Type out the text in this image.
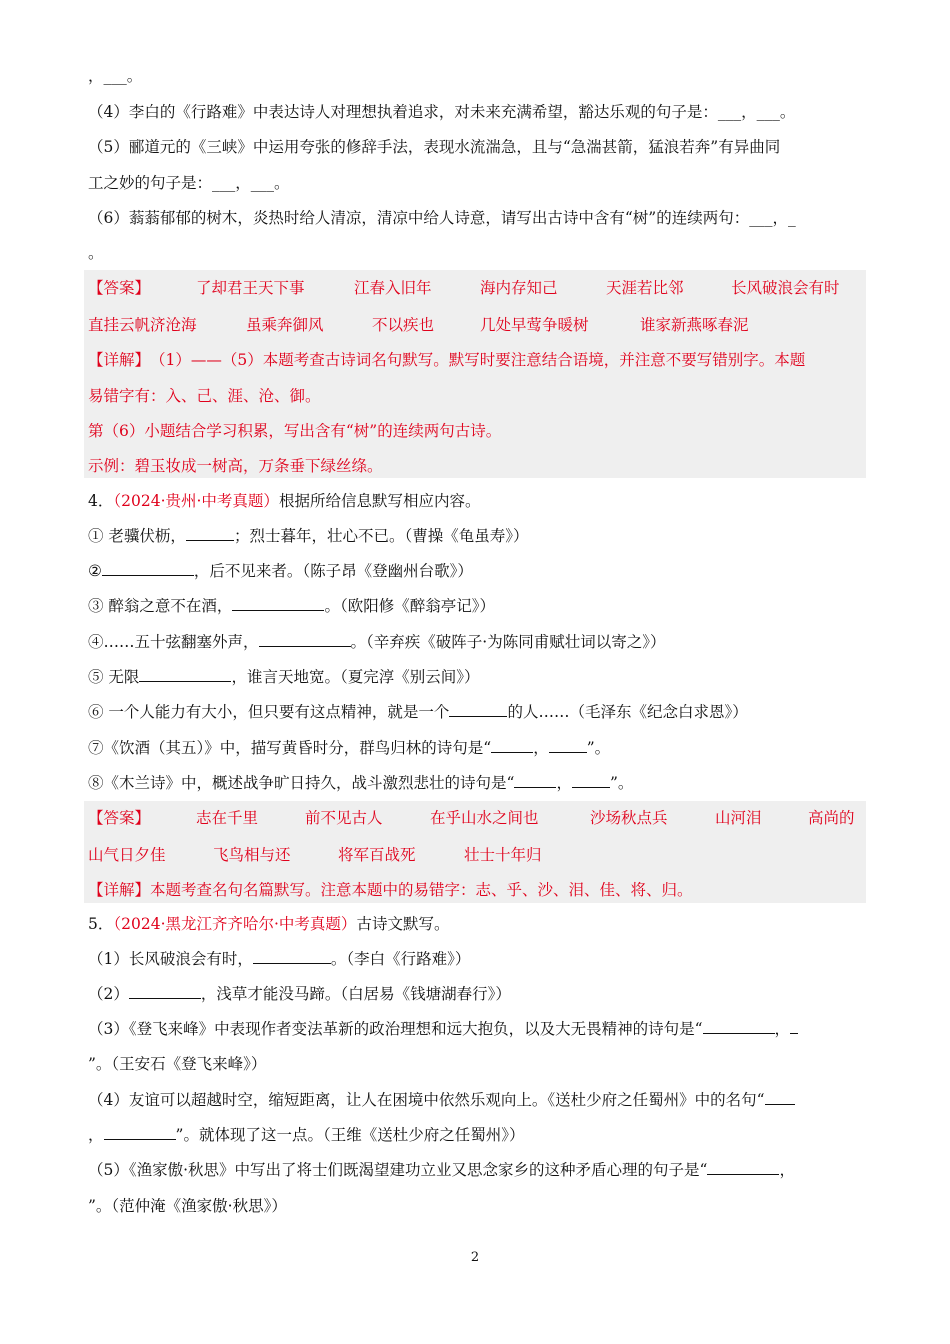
，___。
（4）李白的《行路难》中表达诗人对理想执着追求，对未来充满希望，豁达乐观的句子是：___，___。
（5）郦道元的《三峡》中运用夸张的修辞手法，表现水流湍急，且与“急湍甚箭，猛浪若奔”有异曲同
工之妙的句子是：___，___。
（6）蓊蓊郁郁的树木，炎热时给人清凉，清凉中给人诗意，请写出古诗中含有“树”的连续两句：___，_
。
【答案】	了却君王天下事	江春入旧年	海内存知己	天涯若比邻	长风破浪会有时
直挂云帆济沧海	虽乘奔御风	不以疾也	几处早莺争暖树	谁家新燕啄春泥
【详解】 （1）——（5）本题考查古诗词名句默写。默写时要注意结合语境，并注意不要写错别字。本题
易错字有：入、己、涯、沧、御。
第（6）小题结合学习积累，写出含有“树”的连续两句古诗。
示例：碧玉妆成一树高，万条垂下绿丝绦。
4．（2024·贵州·中考真题）根据所给信息默写相应内容。
① 老骥伏枥，	；烈士暮年，壮心不已。（曹操《龟虽寿》）
②	，后不见来者。（陈子昂《登幽州台歌》）
③ 醉翁之意不在酒，	。（欧阳修《醉翁亭记》）
④……五十弦翻塞外声，	。（辛弃疾《破阵子·为陈同甫赋壮词以寄之》）
⑤ 无限	，谁言天地宽。（夏完淳《别云间》）
⑥ 一个人能力有大小，但只要有这点精神，就是一个	的人……（毛泽东《纪念白求恩》）
⑦《饮酒（其五）》中，描写黄昏时分，群鸟归林的诗句是“	， ”。
⑧《木兰诗》中，概述战争旷日持久，战斗激烈悲壮的诗句是“	， ”。
【答案】	志在千里	前不见古人	在乎山水之间也	沙场秋点兵	山河泪	高尚的
山气日夕佳	飞鸟相与还	将军百战死	壮士十年归
【详解】 本题考查名句名篇默写。注意本题中的易错字：志、乎、沙、泪、佳、将、归。
5．（2024·黑龙江齐齐哈尔·中考真题）古诗文默写。
（1）长风破浪会有时，	。（李白《行路难》）
（2）	，浅草才能没马蹄。（白居易《钱塘湖春行》）
（3）《登飞来峰》中表现作者变法革新的政治理想和远大抱负，以及大无畏精神的诗句是“	，
”。（王安石《登飞来峰》）
（4）友谊可以超越时空，缩短距离，让人在困境中依然乐观向上。《送杜少府之任蜀州》中的名句“
，	”。就体现了这一点。（王维《送杜少府之任蜀州》）
（5）《渔家傲·秋思》中写出了将士们既渴望建功立业又思念家乡的这种矛盾心理的句子是“	，
”。（范仲淹《渔家傲·秋思》）
2
